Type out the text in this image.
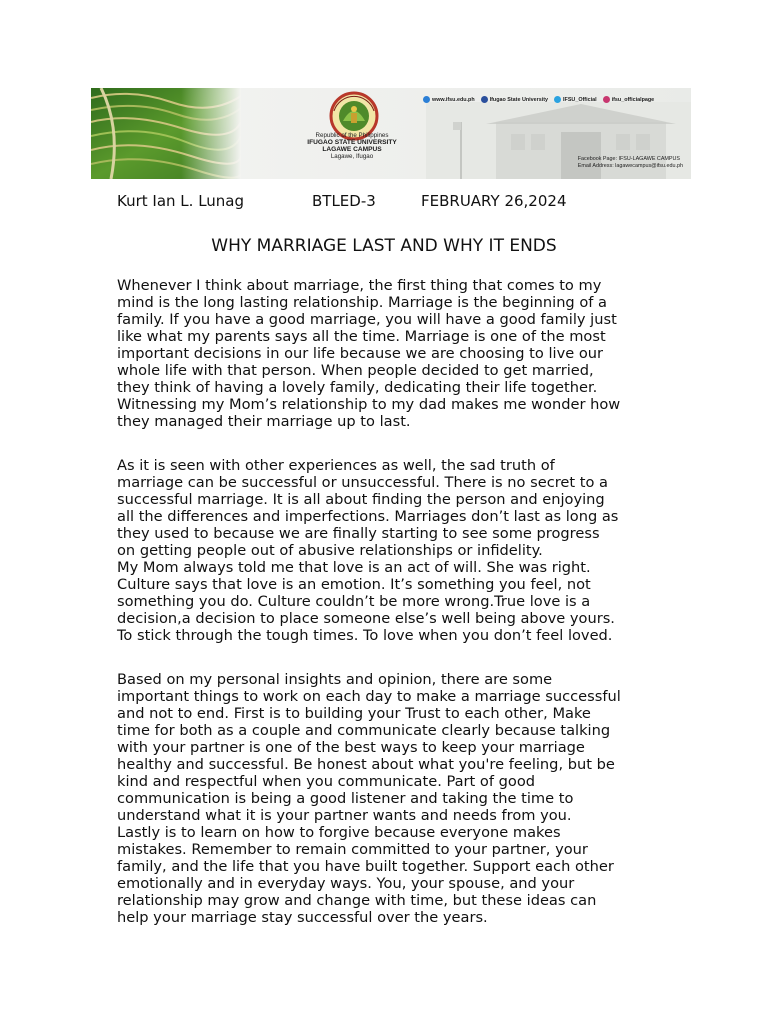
Republic of the Philippines
IFUGAO STATE UNIVERSITY
LAGAWE CAMPUS
Lagawe, Ifugao
www.ifsu.edu.ph	Ifugao State University	IFSU_Official	ifsu_officialpage
Facebook Page: IFSU-LAGAWE CAMPUS
Email Address: lagawecampus@ifsu.edu.ph
Kurt Ian L. Lunag	BTLED-3	FEBRUARY 26,2024
WHY MARRIAGE LAST AND WHY IT ENDS

Whenever I think about marriage, the first thing that comes to my
mind is the long lasting relationship. Marriage is the beginning of a
family. If you have a good marriage, you will have a good family just
like what my parents says all the time. Marriage is one of the most
important decisions in our life because we are choosing to live our
whole life with that person. When people decided to get married,
they think of having a lovely family, dedicating their life together.
Witnessing my Mom’s relationship to my dad makes me wonder how
they managed their marriage up to last.

As it is seen with other experiences as well, the sad truth of
marriage can be successful or unsuccessful. There is no secret to a
successful marriage. It is all about finding the person and enjoying
all the differences and imperfections. Marriages don’t last as long as
they used to because we are finally starting to see some progress
on getting people out of abusive relationships or infidelity.

My Mom always told me that love is an act of will. She was right.
Culture says that love is an emotion. It’s something you feel, not
something you do. Culture couldn’t be more wrong.True love is a
decision,a decision to place someone else’s well being above yours.
To stick through the tough times. To love when you don’t feel loved.

Based on my personal insights and opinion, there are some
important things to work on each day to make a marriage successful
and not to end. First is to building your Trust to each other, Make
time for both as a couple and communicate clearly because talking
with your partner is one of the best ways to keep your marriage
healthy and successful. Be honest about what you're feeling, but be
kind and respectful when you communicate. Part of good
communication is being a good listener and taking the time to
understand what it is your partner wants and needs from you.
Lastly is to learn on how to forgive because everyone makes
mistakes. Remember to remain committed to your partner, your
family, and the life that you have built together. Support each other
emotionally and in everyday ways. You, your spouse, and your
relationship may grow and change with time, but these ideas can
help your marriage stay successful over the years.
